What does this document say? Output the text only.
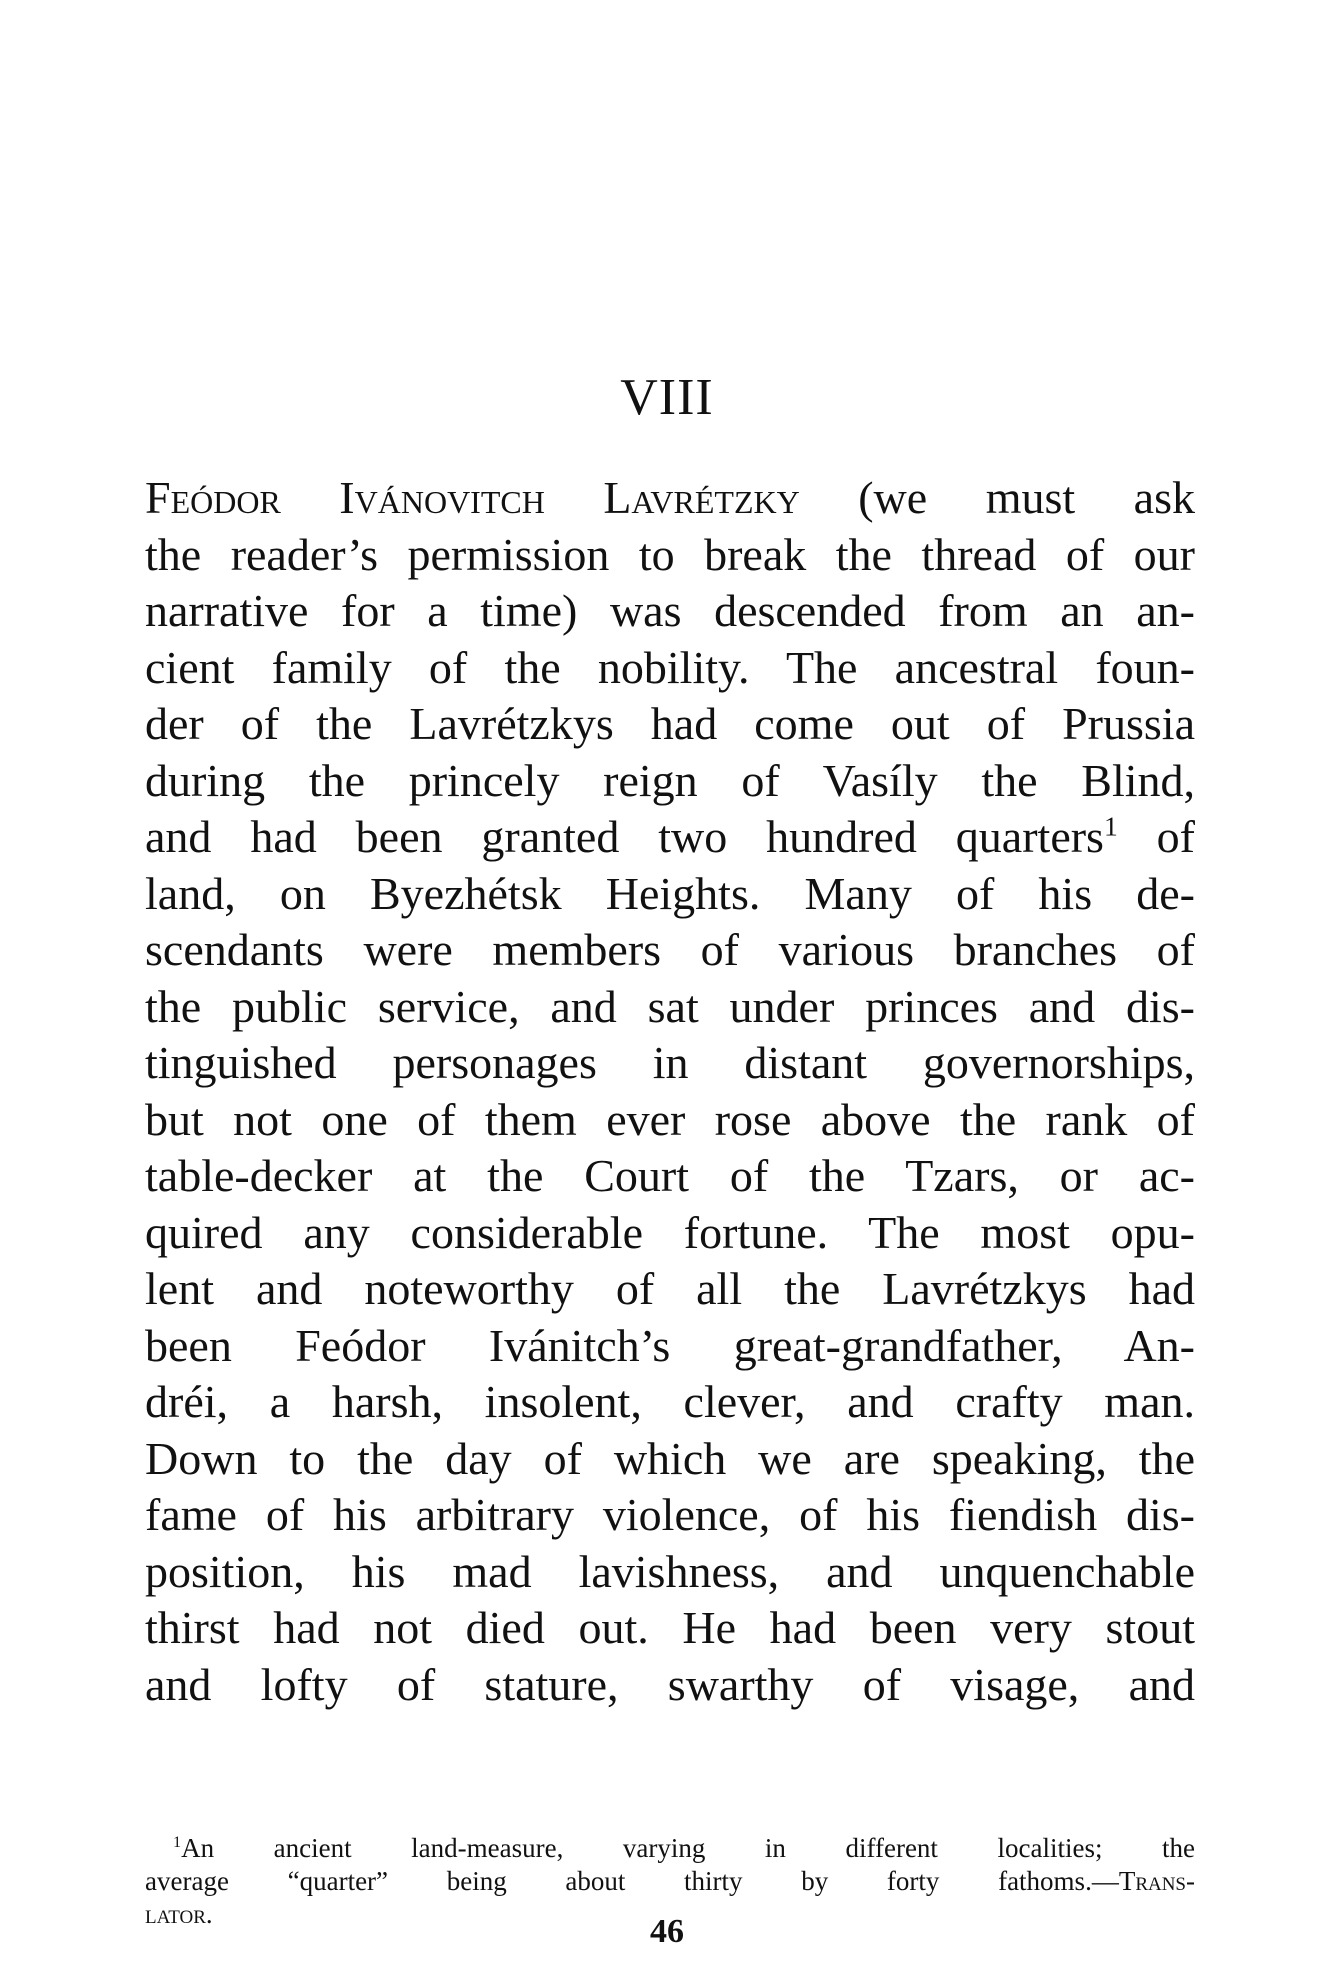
VIII
Feódor Ivánovitch Lavrétzky (we must ask
the reader’s permission to break the thread of our
narrative for a time) was descended from an an-
cient family of the nobility. The ancestral foun-
der of the Lavrétzkys had come out of Prussia
during the princely reign of Vasíly the Blind,
and had been granted two hundred quarters$^1$ of
land, on Byezhétsk Heights. Many of his de-
scendants were members of various branches of
the public service, and sat under princes and dis-
tinguished personages in distant governorships,
but not one of them ever rose above the rank of
table-decker at the Court of the Tzars, or ac-
quired any considerable fortune. The most opu-
lent and noteworthy of all the Lavrétzkys had
been Feódor Ivánitch’s great-grandfather, An-
dréi, a harsh, insolent, clever, and crafty man.
Down to the day of which we are speaking, the
fame of his arbitrary violence, of his fiendish dis-
position, his mad lavishness, and unquenchable
thirst had not died out. He had been very stout
and lofty of stature, swarthy of visage, and
$^1$An ancient land-measure, varying in different localities; the
average “quarter” being about thirty by forty fathoms.—Trans-
lator.	46
